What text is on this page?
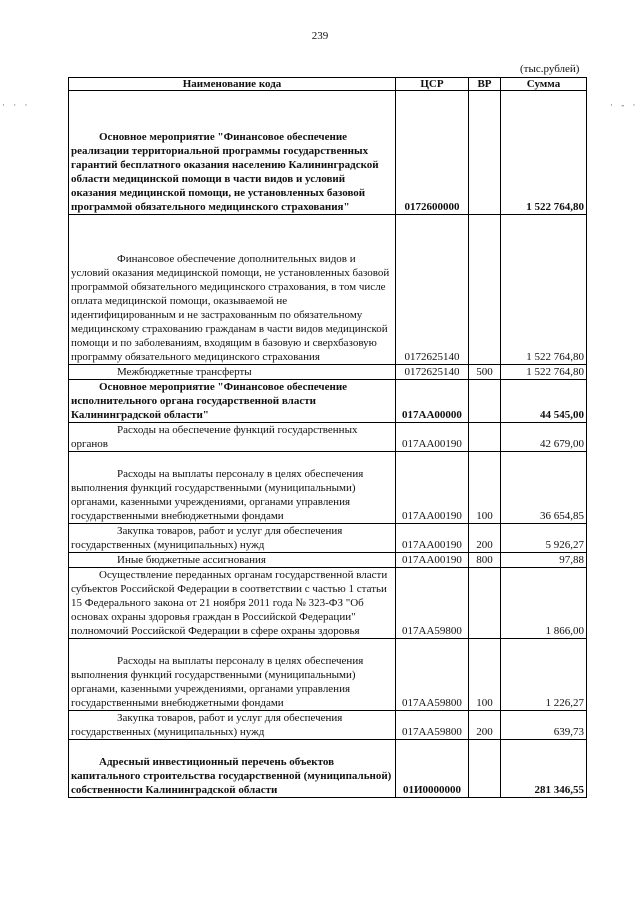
239
· · ·	· - ·
(тыс.рублей)
Наименование кода	ЦСР	ВР	Сумма
Основное мероприятие "Финансовое обеспечение реализации территориальной программы государственных гарантий бесплатного оказания населению Калининградской области медицинской помощи в части видов и условий оказания медицинской помощи, не установленных базовой программой обязательного медицинского страхования"	0172600000		1 522 764,80
Финансовое обеспечение дополнительных видов и условий оказания медицинской помощи, не установленных базовой программой обязательного медицинского страхования, в том числе оплата медицинской помощи, оказываемой не идентифицированным и не застрахованным по обязательному медицинскому страхованию гражданам в части видов медицинской помощи и по заболеваниям, входящим в базовую и сверхбазовую программу обязательного медицинского страхования	0172625140		1 522 764,80
Межбюджетные трансферты	0172625140	500	1 522 764,80
Основное мероприятие "Финансовое обеспечение исполнительного органа государственной власти Калининградской области"	017АА00000		44 545,00
Расходы на обеспечение функций государственных органов	017АА00190		42 679,00
Расходы на выплаты персоналу в целях обеспечения выполнения функций государственными (муниципальными) органами, казенными учреждениями, органами управления государственными внебюджетными фондами	017АА00190	100	36 654,85
Закупка товаров, работ и услуг для обеспечения государственных (муниципальных) нужд	017АА00190	200	5 926,27
Иные бюджетные ассигнования	017АА00190	800	97,88
Осуществление переданных органам государственной власти субъектов Российской Федерации в соответствии с частью 1 статьи 15 Федерального закона от 21 ноября 2011 года № 323-ФЗ "Об основах охраны здоровья граждан в Российской Федерации" полномочий Российской Федерации в сфере охраны здоровья	017АА59800		1 866,00
Расходы на выплаты персоналу в целях обеспечения выполнения функций государственными (муниципальными) органами, казенными учреждениями, органами управления государственными внебюджетными фондами	017АА59800	100	1 226,27
Закупка товаров, работ и услуг для обеспечения государственных (муниципальных) нужд	017АА59800	200	639,73
Адресный инвестиционный перечень объектов капитального строительства государственной (муниципальной) собственности Калининградской области	01И0000000		281 346,55
